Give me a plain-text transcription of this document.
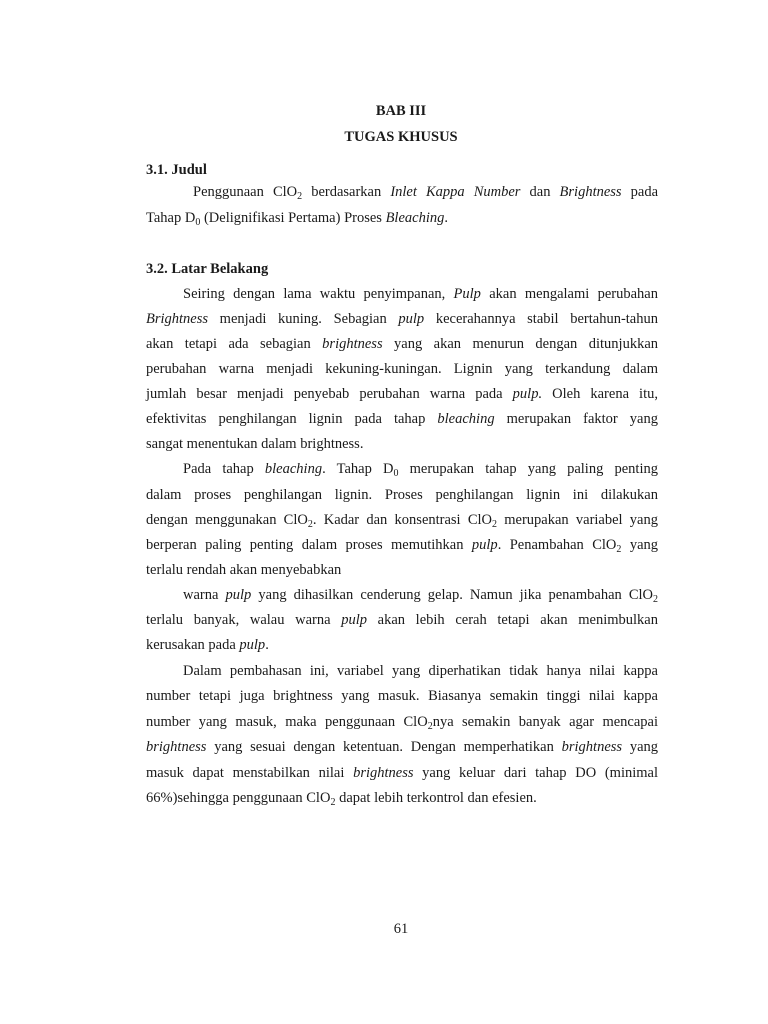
BAB III
TUGAS KHUSUS
3.1. Judul
Penggunaan ClO$_2$ berdasarkan Inlet Kappa Number dan Brightness pada
Tahap $D_0$ (Delignifikasi Pertama) Proses Bleaching.
3.2. Latar Belakang
Seiring dengan lama waktu penyimpanan, Pulp akan mengalami perubahan
Brightness menjadi kuning. Sebagian pulp kecerahannya stabil bertahun-tahun
akan tetapi ada sebagian brightness yang akan menurun dengan ditunjukkan
perubahan warna menjadi kekuning-kuningan. Lignin yang terkandung dalam
jumlah besar menjadi penyebab perubahan warna pada pulp. Oleh karena itu,
efektivitas penghilangan lignin pada tahap bleaching merupakan faktor yang
sangat menentukan dalam brightness.
Pada tahap bleaching. Tahap $D_0$ merupakan tahap yang paling penting
dalam proses penghilangan lignin. Proses penghilangan lignin ini dilakukan
dengan menggunakan ClO$_2$. Kadar dan konsentrasi ClO$_2$ merupakan variabel yang
berperan paling penting dalam proses memutihkan pulp. Penambahan ClO$_2$ yang
terlalu rendah akan menyebabkan
warna pulp yang dihasilkan cenderung gelap. Namun jika penambahan ClO$_2$
terlalu banyak, walau warna pulp akan lebih cerah tetapi akan menimbulkan
kerusakan pada pulp.
Dalam pembahasan ini, variabel yang diperhatikan tidak hanya nilai kappa
number tetapi juga brightness yang masuk. Biasanya semakin tinggi nilai kappa
number yang masuk, maka penggunaan ClO$_2$nya semakin banyak agar mencapai
brightness yang sesuai dengan ketentuan. Dengan memperhatikan brightness yang
masuk dapat menstabilkan nilai brightness yang keluar dari tahap DO (minimal
66%)sehingga penggunaan ClO$_2$ dapat lebih terkontrol dan efesien.
61
